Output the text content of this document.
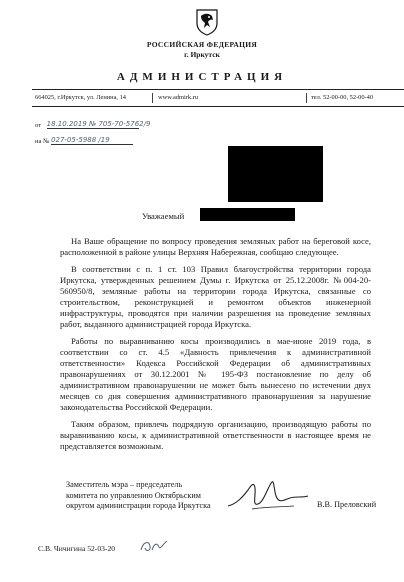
РОССИЙСКАЯ ФЕДЕРАЦИЯ
г. Иркутск
АДМИНИСТРАЦИЯ
664025, г.Иркутск, ул. Ленина, 14	www.admirk.ru	тел. 52-00-00, 52-00-40
от 18.10.2019 № 705-70-5762/9
на № 027-05-5988 /19
Уважаемый

На Ваше обращение по вопросу проведения земляных работ на береговой косе, расположенной в районе улицы Верхняя Набережная, сообщаю следующее.

В соответствии с п. 1 ст. 103 Правил благоустройства территории города Иркутска, утвержденных решением Думы г. Иркутска от 25.12.2008г. №004-20-560950/8, земляные работы на территории города Иркутска, связанные со строительством, реконструкцией и ремонтом объектов инженерной инфраструктуры, проводятся при наличии разрешения на проведение земляных работ, выданного администрацией города Иркутска.

Работы по выравниванию косы производились в мае-июне 2019 года, в соответствии со ст. 4.5 «Давность привлечения к административной ответственности» Кодекса Российской Федерации об административных правонарушениях от 30.12.2001 № 195-ФЗ постановление по делу об административном правонарушении не может быть вынесено по истечении двух месяцев со дня совершения административного правонарушения за нарушение законодательства Российской Федерации.

Таким образом, привлечь подрядную организацию, производящую работы по выравниванию косы, к административной ответственности в настоящее время не представляется возможным.

Заместитель мэра – председатель
комитета по управлению Октябрьским
округом администрации города Иркутска	В.В. Преловский
С.В. Чичигина 52-03-20
